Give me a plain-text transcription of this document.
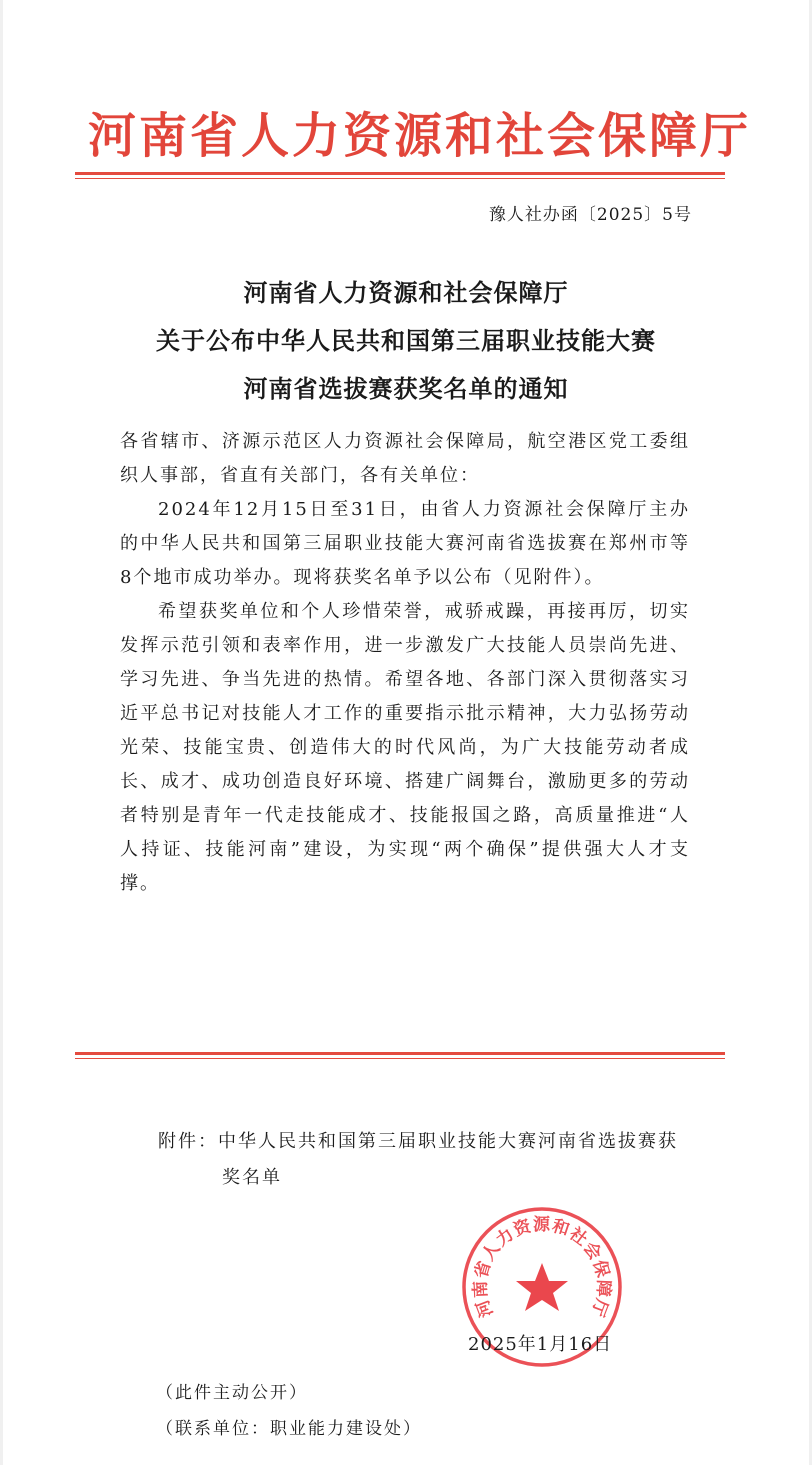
河南省人力资源和社会保障厅
豫人社办函〔2025〕5号
河南省人力资源和社会保障厅
关于公布中华人民共和国第三届职业技能大赛
河南省选拔赛获奖名单的通知

各省辖市、济源示范区人力资源社会保障局，航空港区党工委组织人事部，省直有关部门，各有关单位：

2024年12月15日至31日，由省人力资源社会保障厅主办的中华人民共和国第三届职业技能大赛河南省选拔赛在郑州市等8个地市成功举办。现将获奖名单予以公布（见附件）。

希望获奖单位和个人珍惜荣誉，戒骄戒躁，再接再厉，切实发挥示范引领和表率作用，进一步激发广大技能人员崇尚先进、学习先进、争当先进的热情。希望各地、各部门深入贯彻落实习近平总书记对技能人才工作的重要指示批示精神，大力弘扬劳动光荣、技能宝贵、创造伟大的时代风尚，为广大技能劳动者成长、成才、成功创造良好环境、搭建广阔舞台，激励更多的劳动者特别是青年一代走技能成才、技能报国之路，高质量推进“人人持证、技能河南”建设，为实现“两个确保”提供强大人才支撑。

附件：中华人民共和国第三届职业技能大赛河南省选拔赛获
奖名单
河南省人力资源和社会保障厅
2025年1月16日
（此件主动公开）
（联系单位：职业能力建设处）
